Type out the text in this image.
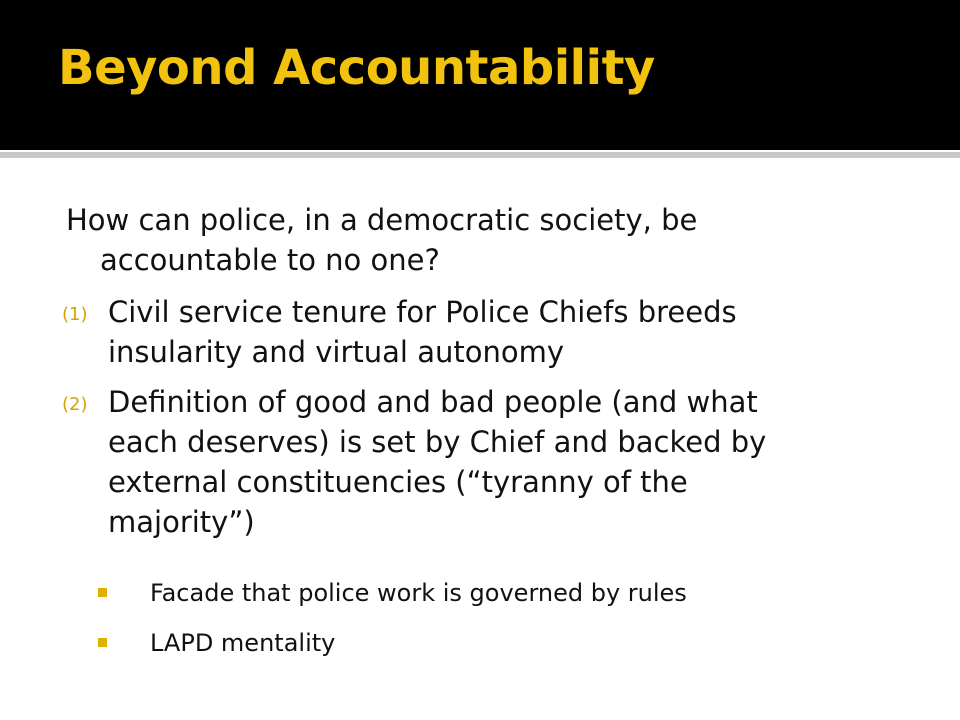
Beyond Accountability
How can police, in a democratic society, be
accountable to no one?
(1) Civil service tenure for Police Chiefs breeds
insularity and virtual autonomy
(2) Definition of good and bad people (and what
each deserves) is set by Chief and backed by
external constituencies (“tyranny of the
majority”)
Facade that police work is governed by rules
LAPD mentality
